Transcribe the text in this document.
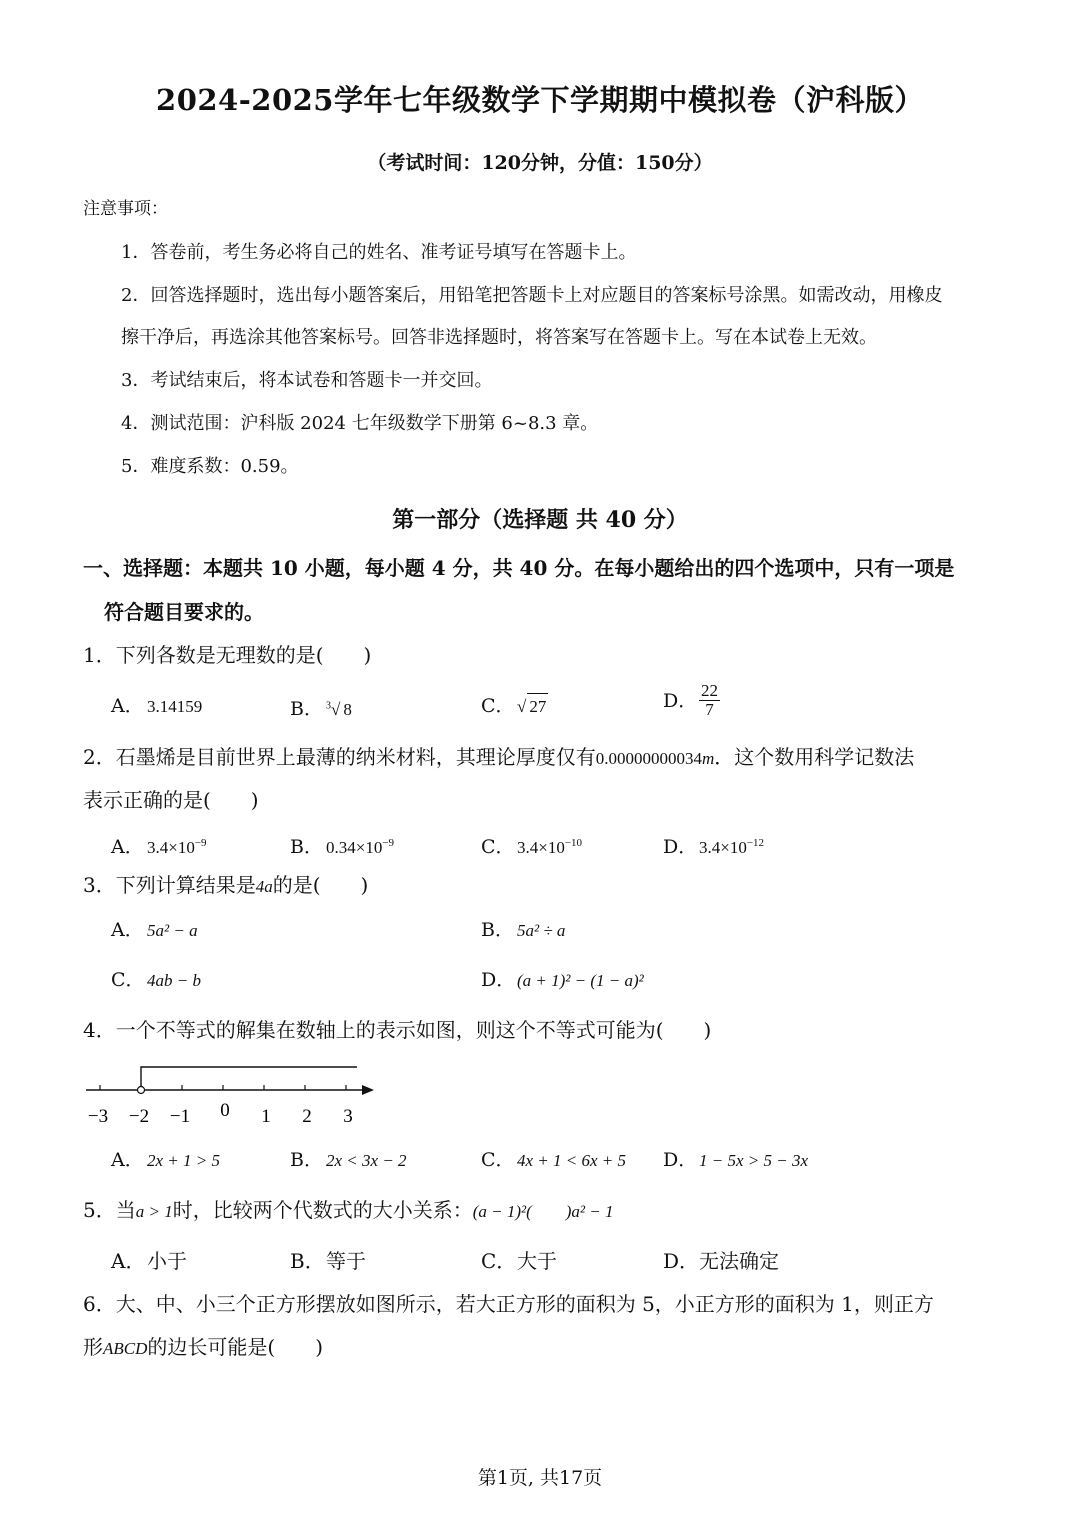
2024-2025学年七年级数学下学期期中模拟卷（沪科版）
（考试时间：120分钟，分值：150分）
注意事项：
1．答卷前，考生务必将自己的姓名、准考证号填写在答题卡上。
2．回答选择题时，选出每小题答案后，用铅笔把答题卡上对应题目的答案标号涂黑。如需改动，用橡皮
擦干净后，再选涂其他答案标号。回答非选择题时，将答案写在答题卡上。写在本试卷上无效。
3．考试结束后，将本试卷和答题卡一并交回。
4．测试范围：沪科版 2024 七年级数学下册第 6~8.3 章。
5．难度系数：0.59。
第一部分（选择题 共 40 分）
一、选择题：本题共 10 小题，每小题 4 分，共 40 分。在每小题给出的四个选项中，只有一项是
符合题目要求的。
1．下列各数是无理数的是(　　)
A． 3.14159	B． $^3$√ 8	C． √ 27	D． $\frac{22}{7}$
2．石墨烯是目前世界上最薄的纳米材料，其理论厚度仅有0.00000000034m．这个数用科学记数法
表示正确的是(　　)
A． $3.4\times 10^{-9}$	B． $0.34\times 10^{-9}$	C． $3.4\times 10^{-10}$	D． $3.4\times 10^{-12}$
3．下列计算结果是4a的是(　　)
A． 5a² − a	B． 5a² ÷ a
C． 4ab − b	D． (a + 1)² − (1 − a)²
4．一个不等式的解集在数轴上的表示如图，则这个不等式可能为(　　)
−3 −2 −1 0 1 2 3
A． 2x + 1 > 5	B． 2x < 3x − 2	C． 4x + 1 < 6x + 5 D． 1 − 5x > 5 − 3x
5．当a > 1时，比较两个代数式的大小关系：(a − 1)²(　　)a² − 1
A．小于	B．等于	C．大于	D．无法确定
6．大、中、小三个正方形摆放如图所示，若大正方形的面积为 5，小正方形的面积为 1，则正方
形ABCD的边长可能是(　　)
第1页, 共17页
